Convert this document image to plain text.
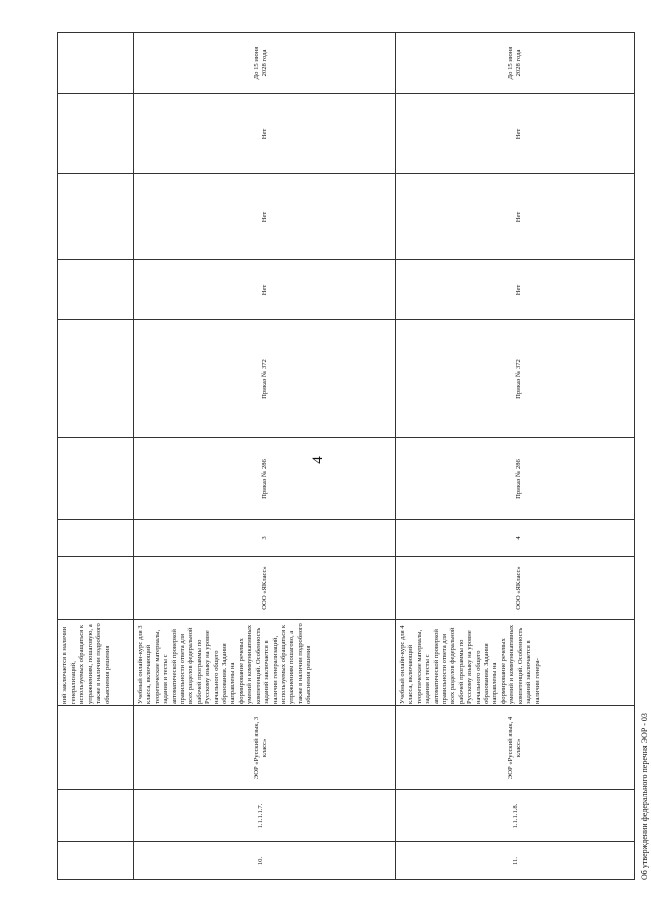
4
ний заключается в наличии генерализаций, используемых обращаться к упражнениям, пошаговую, а также в наличии подробного объяснения решения
10.
1.1.1.1.7.
ЭОР «Русский язык, 3 класс»
Учебный онлайн-курс для 3 класса, включающий теоретические материалы, задания и тесты с автоматической проверкой правильности ответа для всех разделов федеральной рабочей программы по Русскому языку на уровне начального общего образования. Задания направлены на формирование речевых умений и коммуникативных компетенций. Особенность заданий заключается в наличии генерализаций, используемых обращаться к упражнениям пошагово, а также в наличии подробного объяснения решения
ООО «ЯКласс»
3
Приказ № 286
Приказ № 372
Нет
Нет
Нет
До 15 июня 2028 года
11.
1.1.1.1.8.
ЭОР «Русский язык, 4 класс»
Учебный онлайн-курс для 4 класса, включающий теоретические материалы, задания и тесты с автоматической проверкой правильности ответа для всех разделов федеральной рабочей программы по Русскому языку на уровне начального общего образования. Задания направлены на формирование речевых умений и коммуникативных компетенций. Особенность заданий заключается в наличии генера-
ООО «ЯКласс»
4
Приказ № 286
Приказ № 372
Нет
Нет
Нет
До 15 июня 2028 года
Об утверждении федерального перечня ЭОР - 03
